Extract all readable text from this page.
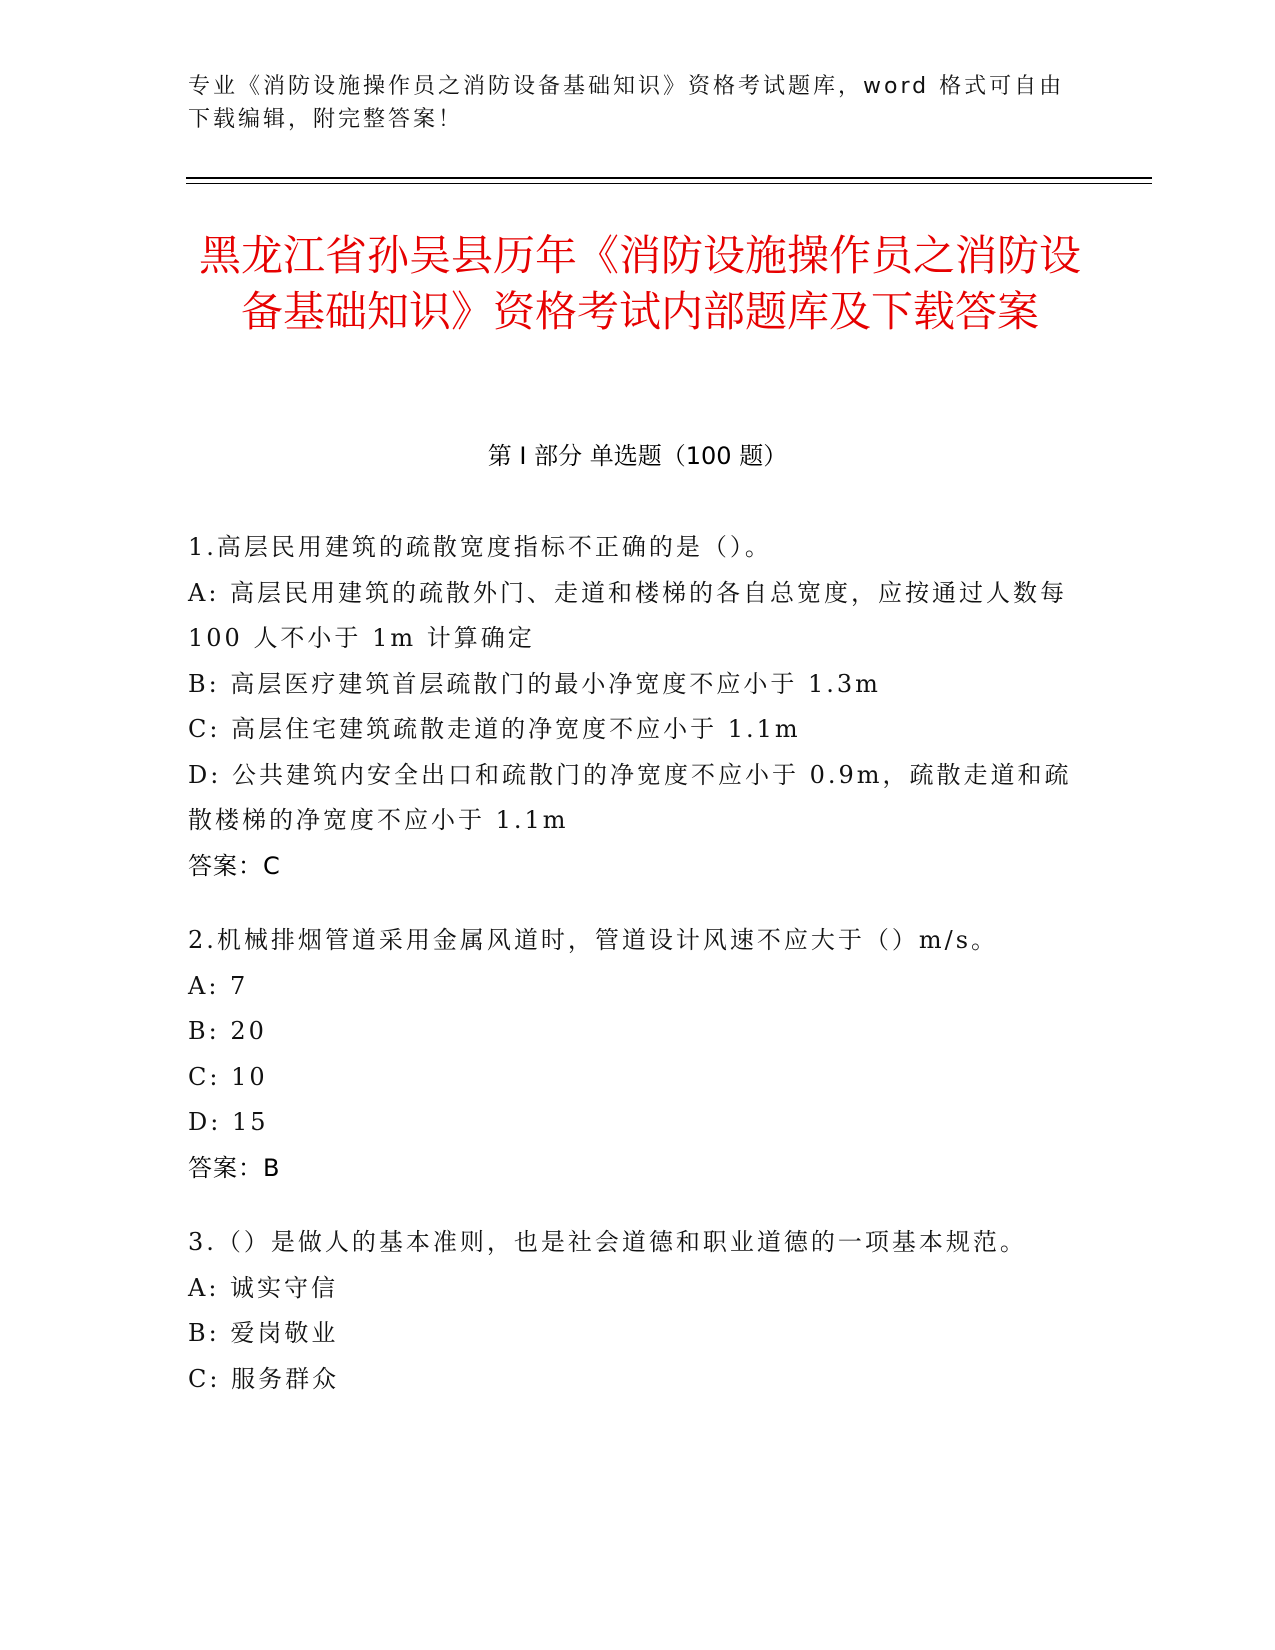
专业《消防设施操作员之消防设备基础知识》资格考试题库，word 格式可自由下载编辑，附完整答案！
黑龙江省孙吴县历年《消防设施操作员之消防设备基础知识》资格考试内部题库及下载答案
第 I 部分 单选题（100 题）

1.高层民用建筑的疏散宽度指标不正确的是（）。

A: 高层民用建筑的疏散外门、走道和楼梯的各自总宽度，应按通过人数每 100 人不小于 1m 计算确定

B: 高层医疗建筑首层疏散门的最小净宽度不应小于 1.3m

C: 高层住宅建筑疏散走道的净宽度不应小于 1.1m

D: 公共建筑内安全出口和疏散门的净宽度不应小于 0.9m，疏散走道和疏散楼梯的净宽度不应小于 1.1m

答案：C

2.机械排烟管道采用金属风道时，管道设计风速不应大于（）m/s。

A: 7

B: 20

C: 10

D: 15

答案：B

3.（）是做人的基本准则，也是社会道德和职业道德的一项基本规范。

A: 诚实守信

B: 爱岗敬业

C: 服务群众
